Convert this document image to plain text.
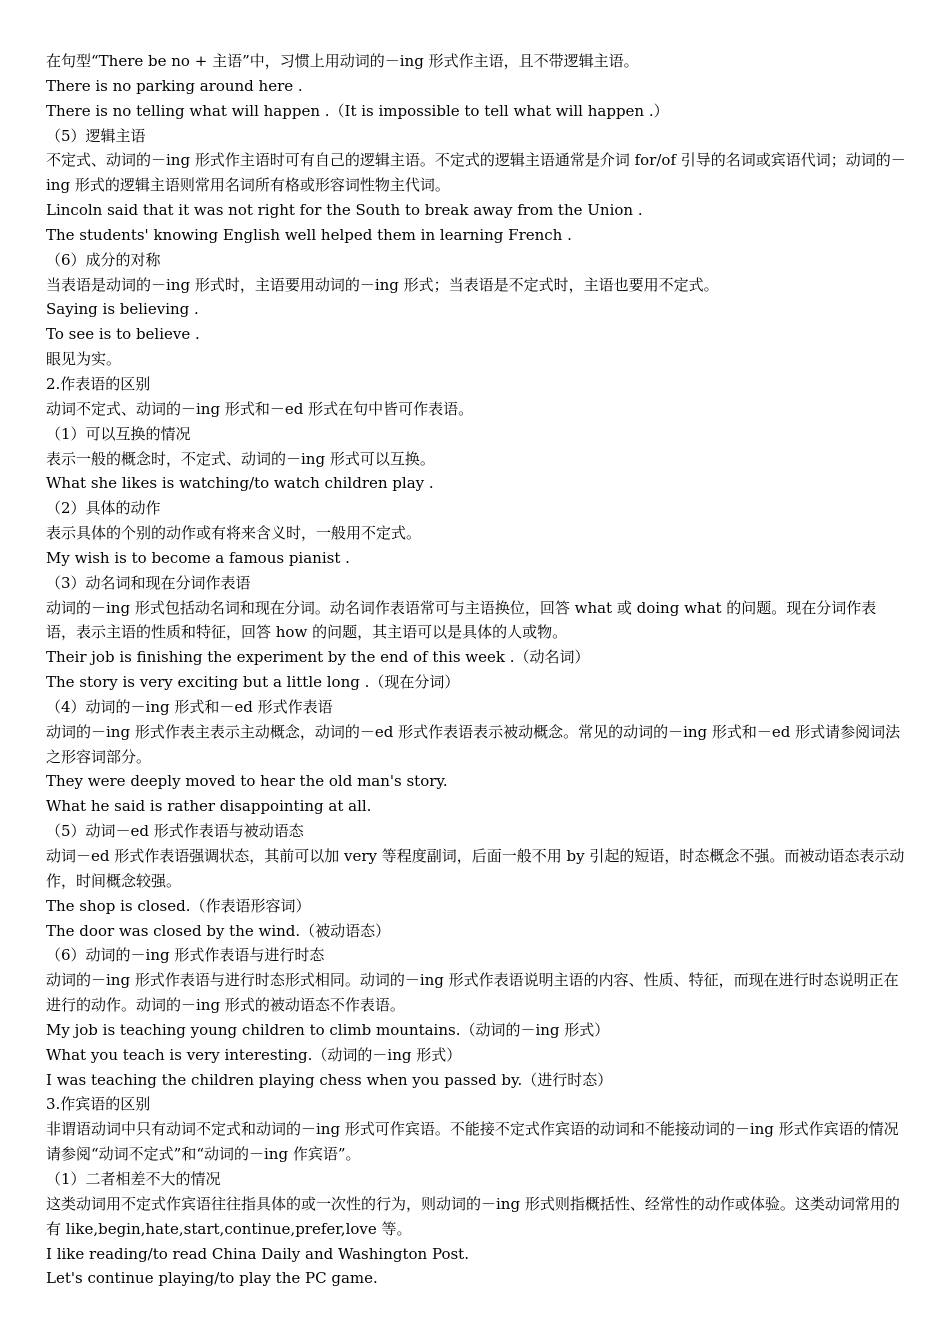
在句型“There be no + 主语”中，习惯上用动词的－ing 形式作主语，且不带逻辑主语。
There is no parking around here .
There is no telling what will happen .（It is impossible to tell what will happen .）
（5）逻辑主语
不定式、动词的－ing 形式作主语时可有自己的逻辑主语。不定式的逻辑主语通常是介词 for/of 引导的名词或宾语代词；动词的－ing 形式的逻辑主语则常用名词所有格或形容词性物主代词。
Lincoln said that it was not right for the South to break away from the Union .
The students' knowing English well helped them in learning French .
（6）成分的对称
当表语是动词的－ing 形式时，主语要用动词的－ing 形式；当表语是不定式时，主语也要用不定式。
Saying is believing .
To see is to believe .
眼见为实。
2.作表语的区别
动词不定式、动词的－ing 形式和－ed 形式在句中皆可作表语。
（1）可以互换的情况
表示一般的概念时，不定式、动词的－ing 形式可以互换。
What she likes is watching/to watch children play .
（2）具体的动作
表示具体的个别的动作或有将来含义时，一般用不定式。
My wish is to become a famous pianist .
（3）动名词和现在分词作表语
动词的－ing 形式包括动名词和现在分词。动名词作表语常可与主语换位，回答 what 或 doing what 的问题。现在分词作表语，表示主语的性质和特征，回答 how 的问题，其主语可以是具体的人或物。
Their job is finishing the experiment by the end of this week .（动名词）
The story is very exciting but a little long .（现在分词）
（4）动词的－ing 形式和－ed 形式作表语
动词的－ing 形式作表主表示主动概念，动词的－ed 形式作表语表示被动概念。常见的动词的－ing 形式和－ed 形式请参阅词法之形容词部分。
They were deeply moved to hear the old man's story.
What he said is rather disappointing at all.
（5）动词－ed 形式作表语与被动语态
动词－ed 形式作表语强调状态，其前可以加 very 等程度副词，后面一般不用 by 引起的短语，时态概念不强。而被动语态表示动作，时间概念较强。
The shop is closed.（作表语形容词）
The door was closed by the wind.（被动语态）
（6）动词的－ing 形式作表语与进行时态
动词的－ing 形式作表语与进行时态形式相同。动词的－ing 形式作表语说明主语的内容、性质、特征，而现在进行时态说明正在进行的动作。动词的－ing 形式的被动语态不作表语。
My job is teaching young children to climb mountains.（动词的－ing 形式）
What you teach is very interesting.（动词的－ing 形式）
I was teaching the children playing chess when you passed by.（进行时态）
3.作宾语的区别
非谓语动词中只有动词不定式和动词的－ing 形式可作宾语。不能接不定式作宾语的动词和不能接动词的－ing 形式作宾语的情况请参阅“动词不定式”和“动词的－ing 作宾语”。
（1）二者相差不大的情况
这类动词用不定式作宾语往往指具体的或一次性的行为，则动词的－ing 形式则指概括性、经常性的动作或体验。这类动词常用的有 like,begin,hate,start,continue,prefer,love 等。
I like reading/to read China Daily and Washington Post.
Let's continue playing/to play the PC game.
